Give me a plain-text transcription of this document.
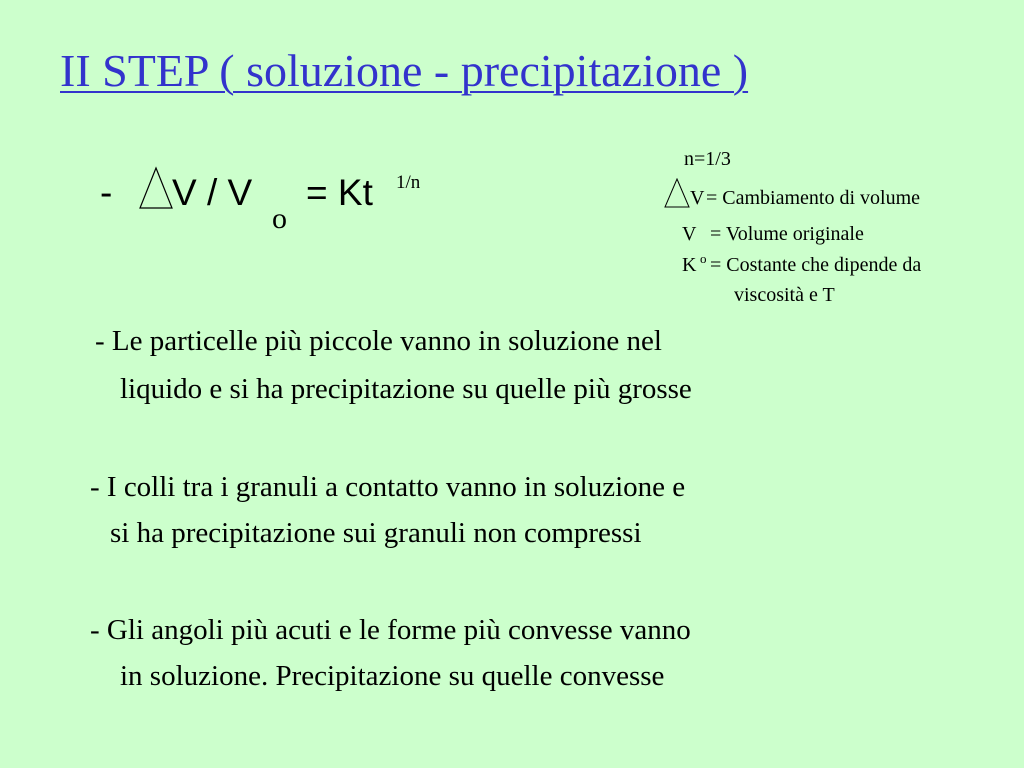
II STEP ( soluzione - precipitazione )
- V / V
o
= Kt 1/n
n=1/3
V = Cambiamento di volume
V = Volume originale
K o = Costante che dipende da
viscosità e T
- Le particelle più piccole vanno in soluzione nel
liquido e si ha precipitazione su quelle più grosse
- I colli tra i granuli a contatto vanno in soluzione e
si ha precipitazione sui granuli non compressi
- Gli angoli più acuti e le forme più convesse vanno
in soluzione. Precipitazione su quelle convesse
